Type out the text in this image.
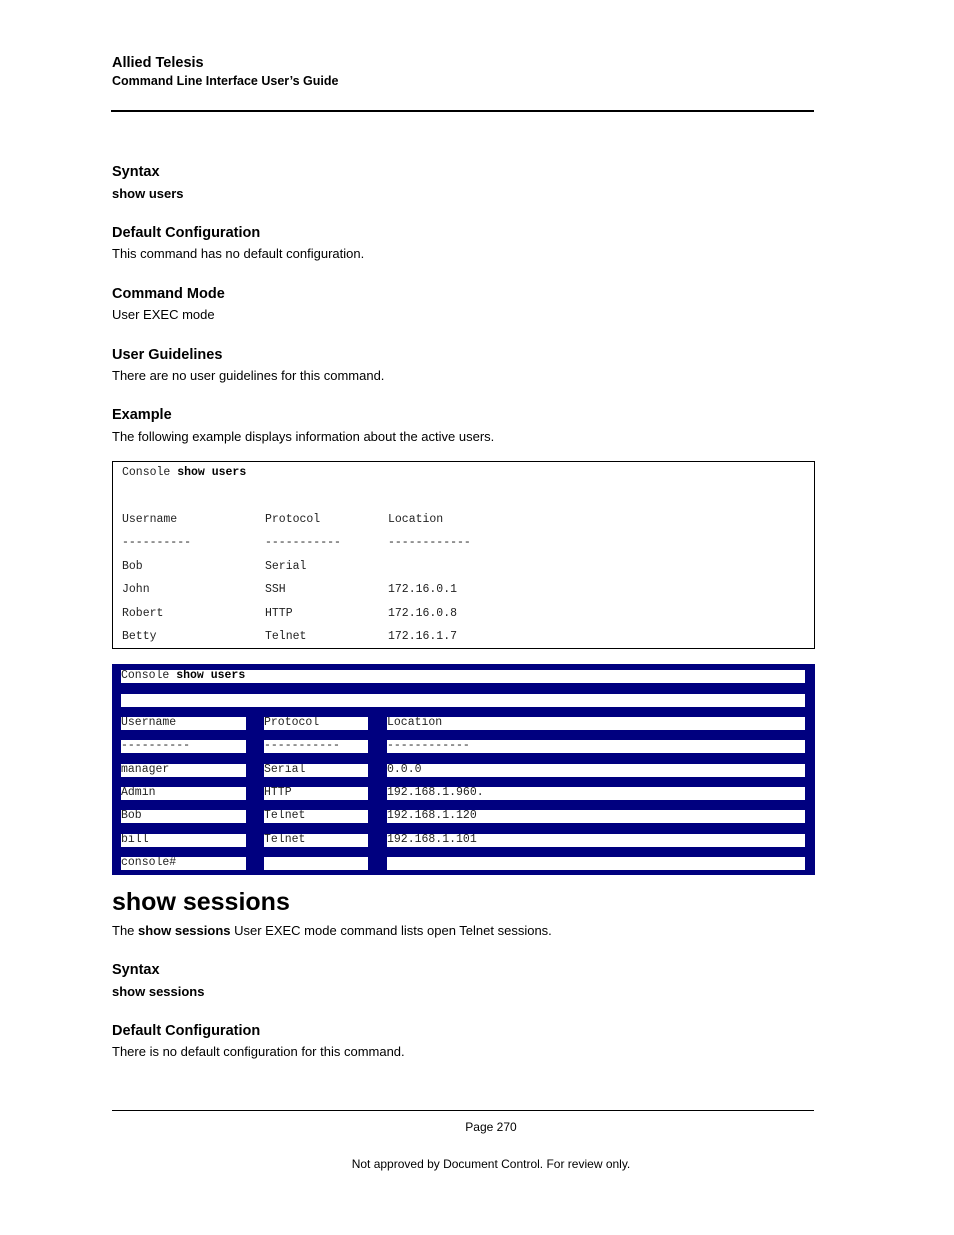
Allied Telesis
Command Line Interface User’s Guide
Syntax
show users
Default Configuration
This command has no default configuration.
Command Mode
User EXEC mode
User Guidelines
There are no user guidelines for this command.
Example
The following example displays information about the active users.
Console show users
Username	Protocol	Location
----------	-----------	------------
Bob	Serial
John	SSH	172.16.0.1
Robert	HTTP	172.16.0.8
Betty	Telnet	172.16.1.7
Console show users
Username	Protocol	Location
----------	-----------	------------
manager	Serial	0.0.0
Admin	HTTP	192.168.1.960.
Bob	Telnet	192.168.1.120
bill	Telnet	192.168.1.101
console#
show sessions
The show sessions User EXEC mode command lists open Telnet sessions.
Syntax
show sessions
Default Configuration
There is no default configuration for this command.
Page 270
Not approved by Document Control. For review only.
